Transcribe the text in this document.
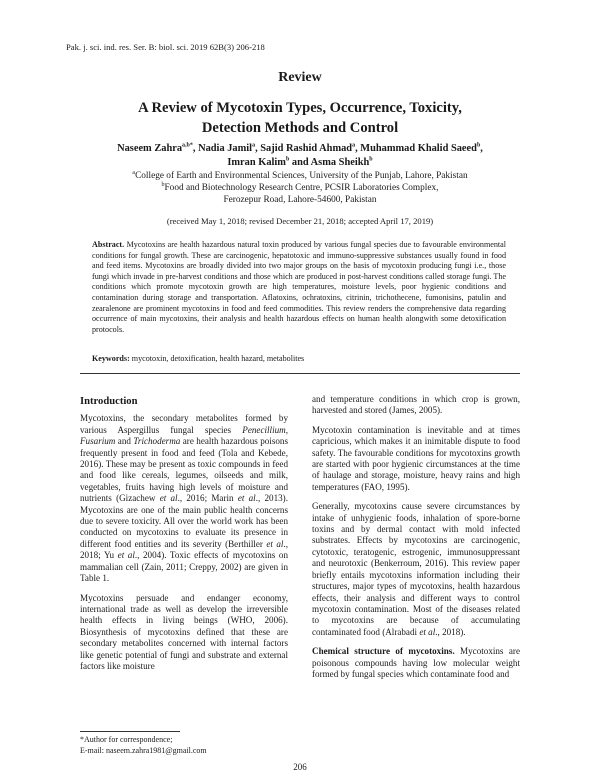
Pak. j. sci. ind. res. Ser. B: biol. sci. 2019 62B(3) 206-218
Review
A Review of Mycotoxin Types, Occurrence, Toxicity,
Detection Methods and Control
Naseem Zahra$^{a,b*}$, Nadia Jamil$^a$, Sajid Rashid Ahmad$^a$, Muhammad Khalid Saeed$^b$,
Imran Kalim$^b$ and Asma Sheikh$^b$
$^a$College of Earth and Environmental Sciences, University of the Punjab, Lahore, Pakistan
$^b$Food and Biotechnology Research Centre, PCSIR Laboratories Complex,
Ferozepur Road, Lahore-54600, Pakistan
(received May 1, 2018; revised December 21, 2018; accepted April 17, 2019)
Abstract. Mycotoxins are health hazardous natural toxin produced by various fungal species due to favourable environmental conditions for fungal growth. These are carcinogenic, hepatotoxic and immuno-suppressive substances usually found in food and feed items. Mycotoxins are broadly divided into two major groups on the basis of mycotoxin producing fungi i.e., those fungi which invade in pre-harvest conditions and those which are produced in post-harvest conditions called storage fungi. The conditions which promote mycotoxin growth are high temperatures, moisture levels, poor hygienic conditions and contamination during storage and transportation. Aflatoxins, ochratoxins, citrinin, trichothecene, fumonisins, patulin and zearalenone are prominent mycotoxins in food and feed commodities. This review renders the comprehensive data regarding occurrence of main mycotoxins, their analysis and health hazardous effects on human health alongwith some detoxification protocols.
Keywords: mycotoxin, detoxification, health hazard, metabolites
Introduction

Mycotoxins, the secondary metabolites formed by various Aspergillus fungal species Penecillium, Fusarium and Trichoderma are health hazardous poisons frequently present in food and feed (Tola and Kebede, 2016). These may be present as toxic compounds in feed and food like cereals, legumes, oilseeds and milk, vegetables, fruits having high levels of moisture and nutrients (Gizachew et al., 2016; Marin et al., 2013). Mycotoxins are one of the main public health concerns due to severe toxicity. All over the world work has been conducted on mycotoxins to evaluate its presence in different food entities and its severity (Berthiller et al., 2018; Yu et al., 2004). Toxic effects of mycotoxins on mammalian cell (Zain, 2011; Creppy, 2002) are given in Table 1.

Mycotoxins persuade and endanger economy, international trade as well as develop the irreversible health effects in living beings (WHO, 2006). Biosynthesis of mycotoxins defined that these are secondary metabolites concerned with internal factors like genetic potential of fungi and substrate and external factors like moisture

and temperature conditions in which crop is grown, harvested and stored (James, 2005).

Mycotoxin contamination is inevitable and at times capricious, which makes it an inimitable dispute to food safety. The favourable conditions for mycotoxins growth are started with poor hygienic circumstances at the time of haulage and storage, moisture, heavy rains and high temperatures (FAO, 1995).

Generally, mycotoxins cause severe circumstances by intake of unhygienic foods, inhalation of spore-borne toxins and by dermal contact with mold infected substrates. Effects by mycotoxins are carcinogenic, cytotoxic, teratogenic, estrogenic, immunosuppressant and neurotoxic (Benkerroum, 2016). This review paper briefly entails mycotoxins information including their structures, major types of mycotoxins, health hazardous effects, their analysis and different ways to control mycotoxin contamination. Most of the diseases related to mycotoxins are because of accumulating contaminated food (Alrabadi et al., 2018).

Chemical structure of mycotoxins. Mycotoxins are poisonous compounds having low molecular weight formed by fungal species which contaminate food and

*Author for correspondence;
E-mail: naseem.zahra1981@gmail.com
206
